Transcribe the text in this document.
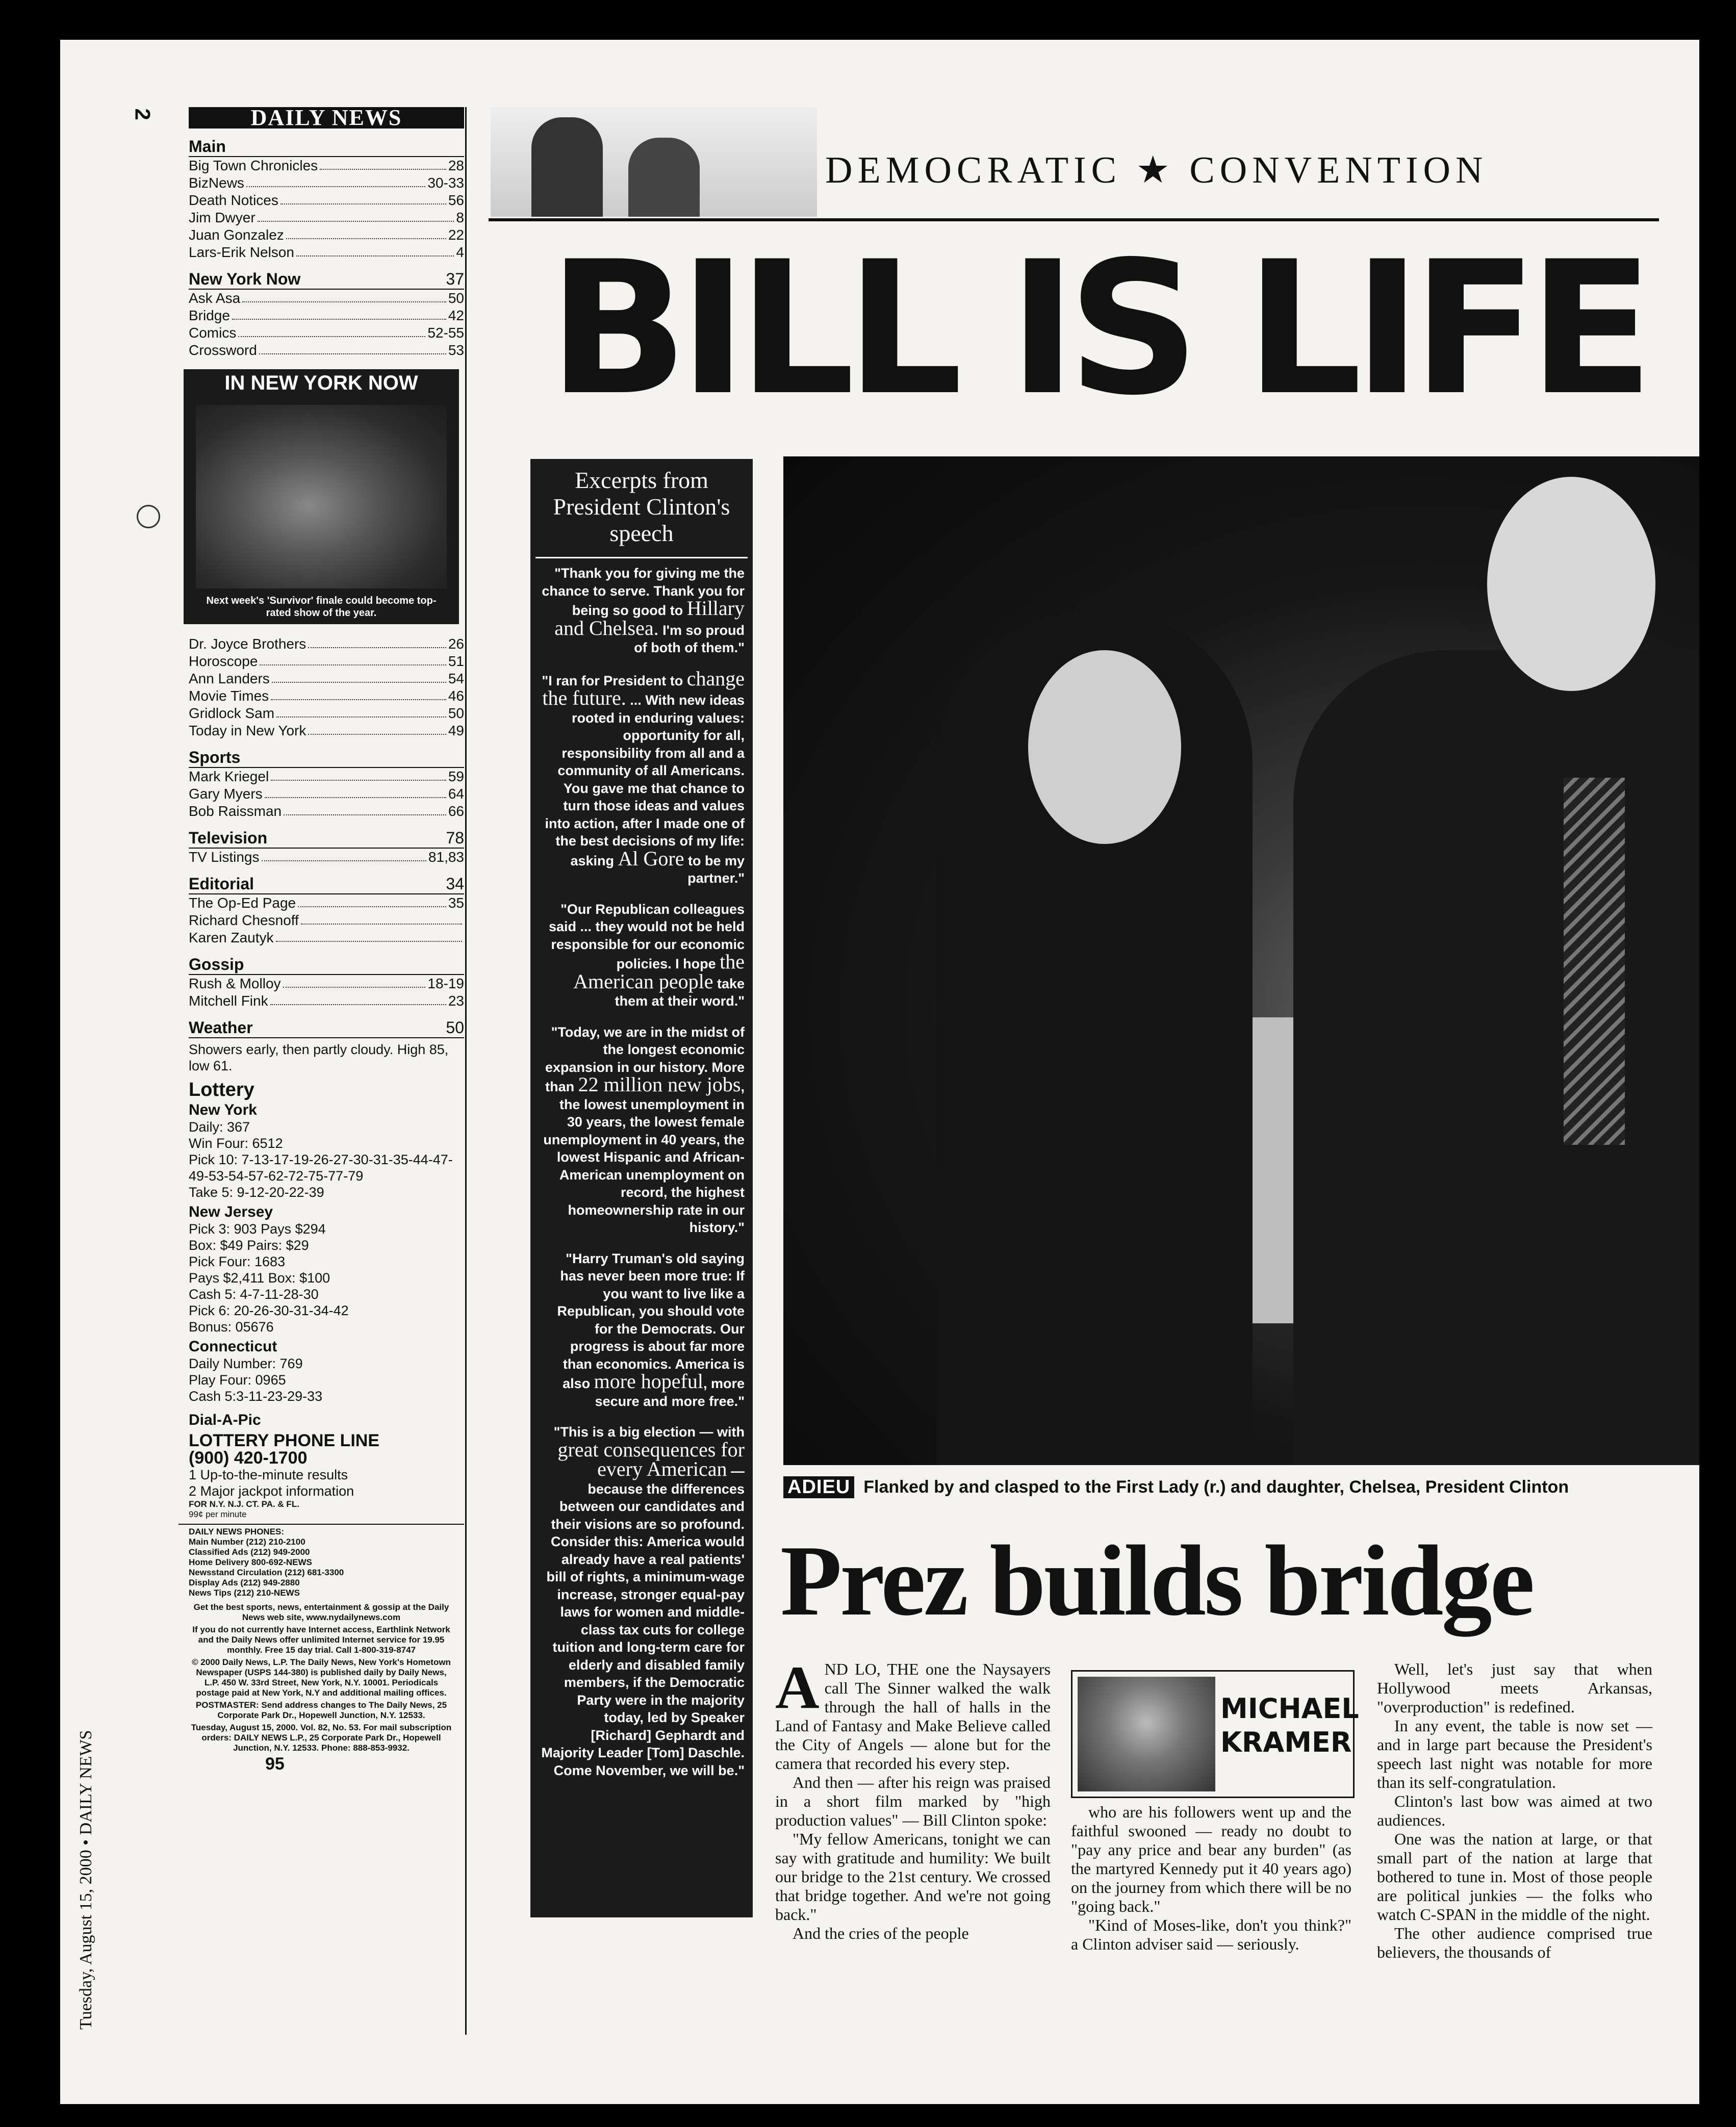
2
Tuesday, August 15, 2000 • DAILY NEWS
DAILY NEWS
Main
Big Town Chronicles	28
BizNews	30-33
Death Notices	56
Jim Dwyer	8
Juan Gonzalez	22
Lars-Erik Nelson	4
New York Now	37
Ask Asa	50
Bridge	42
Comics	52-55
Crossword	53
IN NEW YORK NOW
Next week's 'Survivor' finale could become top-rated show of the year.
Dr. Joyce Brothers	26
Horoscope	51
Ann Landers	54
Movie Times	46
Gridlock Sam	50
Today in New York	49
Sports
Mark Kriegel	59
Gary Myers	64
Bob Raissman	66
Television	78
TV Listings	81,83
Editorial	34
The Op-Ed Page	35
Richard Chesnoff
Karen Zautyk
Gossip
Rush & Molloy	18-19
Mitchell Fink	23
Weather	50
Showers early, then partly cloudy. High 85, low 61.
Lottery
New York
Daily: 367
Win Four: 6512
Pick 10: 7-13-17-19-26-27-30-31-35-44-47-49-53-54-57-62-72-75-77-79
Take 5: 9-12-20-22-39
New Jersey
Pick 3: 903 Pays $294
Box: $49 Pairs: $29
Pick Four: 1683
Pays $2,411 Box: $100
Cash 5: 4-7-11-28-30
Pick 6: 20-26-30-31-34-42
Bonus: 05676
Connecticut
Daily Number: 769
Play Four: 0965
Cash 5:3-11-23-29-33
Dial-A-Pic
LOTTERY PHONE LINE
(900) 420-1700
1 Up-to-the-minute results
2 Major jackpot information
FOR N.Y. N.J. CT. PA. & FL.
99¢ per minute
DAILY NEWS PHONES:
Main Number (212) 210-2100
Classified Ads (212) 949-2000
Home Delivery 800-692-NEWS
Newsstand Circulation (212) 681-3300
Display Ads (212) 949-2880
News Tips (212) 210-NEWS
Get the best sports, news, entertainment & gossip at the Daily News web site, www.nydailynews.com
If you do not currently have Internet access, Earthlink Network and the Daily News offer unlimited Internet service for 19.95 monthly. Free 15 day trial. Call 1-800-319-8747
© 2000 Daily News, L.P. The Daily News, New York's Hometown Newspaper (USPS 144-380) is published daily by Daily News, L.P. 450 W. 33rd Street, New York, N.Y. 10001. Periodicals postage paid at New York, N.Y and additional mailing offices.
POSTMASTER: Send address changes to The Daily News, 25 Corporate Park Dr., Hopewell Junction, N.Y. 12533.
Tuesday, August 15, 2000. Vol. 82, No. 53. For mail subscription orders: DAILY NEWS L.P., 25 Corporate Park Dr., Hopewell Junction, N.Y. 12533. Phone: 888-853-9932.
95
DEMOCRATIC ★ CONVENTION
BILL IS LIFE
Excerpts from President Clinton's speech

"Thank you for giving me the chance to serve. Thank you for being so good to Hillary and Chelsea. I'm so proud of both of them."

"I ran for President to change the future. ... With new ideas rooted in enduring values: opportunity for all, responsibility from all and a community of all Americans. You gave me that chance to turn those ideas and values into action, after I made one of the best decisions of my life: asking Al Gore to be my partner."

"Our Republican colleagues said ... they would not be held responsible for our economic policies. I hope the American people take them at their word."

"Today, we are in the midst of the longest economic expansion in our history. More than 22 million new jobs, the lowest unemployment in 30 years, the lowest female unemployment in 40 years, the lowest Hispanic and African-American unemployment on record, the highest homeownership rate in our history."

"Harry Truman's old saying has never been more true: If you want to live like a Republican, you should vote for the Democrats. Our progress is about far more than economics. America is also more hopeful, more secure and more free."

"This is a big election — with great consequences for every American — because the differences between our candidates and their visions are so profound. Consider this: America would already have a real patients' bill of rights, a minimum-wage increase, stronger equal-pay laws for women and middle-class tax cuts for college tuition and long-term care for elderly and disabled family members, if the Democratic Party were in the majority today, led by Speaker [Richard] Gephardt and Majority Leader [Tom] Daschle. Come November, we will be."

ADIEU Flanked by and clasped to the First Lady (r.) and daughter, Chelsea, President Clinton
Prez builds bridge

AND LO, THE one the Naysayers call The Sinner walked the walk through the hall of halls in the Land of Fantasy and Make Believe called the City of Angels — alone but for the camera that recorded his every step.

And then — after his reign was praised in a short film marked by "high production values" — Bill Clinton spoke:

"My fellow Americans, tonight we can say with gratitude and humility: We built our bridge to the 21st century. We crossed that bridge together. And we're not going back."

And the cries of the people

MICHAEL
KRAMER

who are his followers went up and the faithful swooned — ready no doubt to "pay any price and bear any burden" (as the martyred Kennedy put it 40 years ago) on the journey from which there will be no "going back."

"Kind of Moses-like, don't you think?" a Clinton adviser said — seriously.

Well, let's just say that when Hollywood meets Arkansas, "overproduction" is redefined.

In any event, the table is now set — and in large part because the President's speech last night was notable for more than its self-congratulation.

Clinton's last bow was aimed at two audiences.

One was the nation at large, or that small part of the nation at large that bothered to tune in. Most of those people are political junkies — the folks who watch C-SPAN in the middle of the night.

The other audience comprised true believers, the thousands of
